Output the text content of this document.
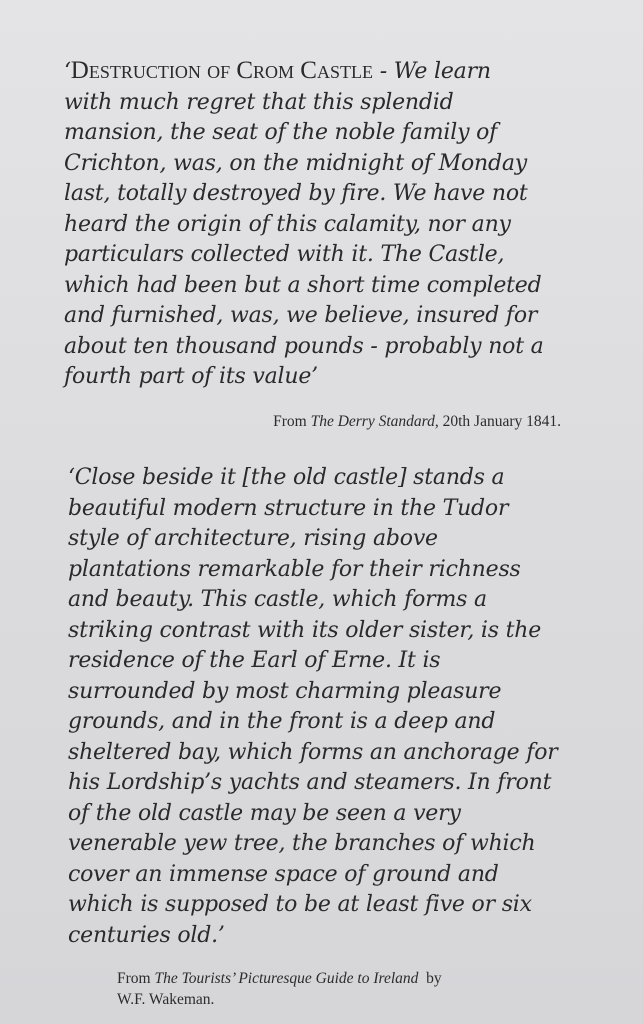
‘Destruction of Crom Castle - We learn
with much regret that this splendid
mansion, the seat of the noble family of
Crichton, was, on the midnight of Monday
last, totally destroyed by fire. We have not
heard the origin of this calamity, nor any
particulars collected with it. The Castle,
which had been but a short time completed
and furnished, was, we believe, insured for
about ten thousand pounds - probably not a
fourth part of its value’
From The Derry Standard, 20th January 1841.
‘Close beside it [the old castle] stands a
beautiful modern structure in the Tudor
style of architecture, rising above
plantations remarkable for their richness
and beauty. This castle, which forms a
striking contrast with its older sister, is the
residence of the Earl of Erne. It is
surrounded by most charming pleasure
grounds, and in the front is a deep and
sheltered bay, which forms an anchorage for
his Lordship’s yachts and steamers. In front
of the old castle may be seen a very
venerable yew tree, the branches of which
cover an immense space of ground and
which is supposed to be at least five or six
centuries old.’
From The Tourists’ Picturesque Guide to Ireland  by
W.F. Wakeman.
